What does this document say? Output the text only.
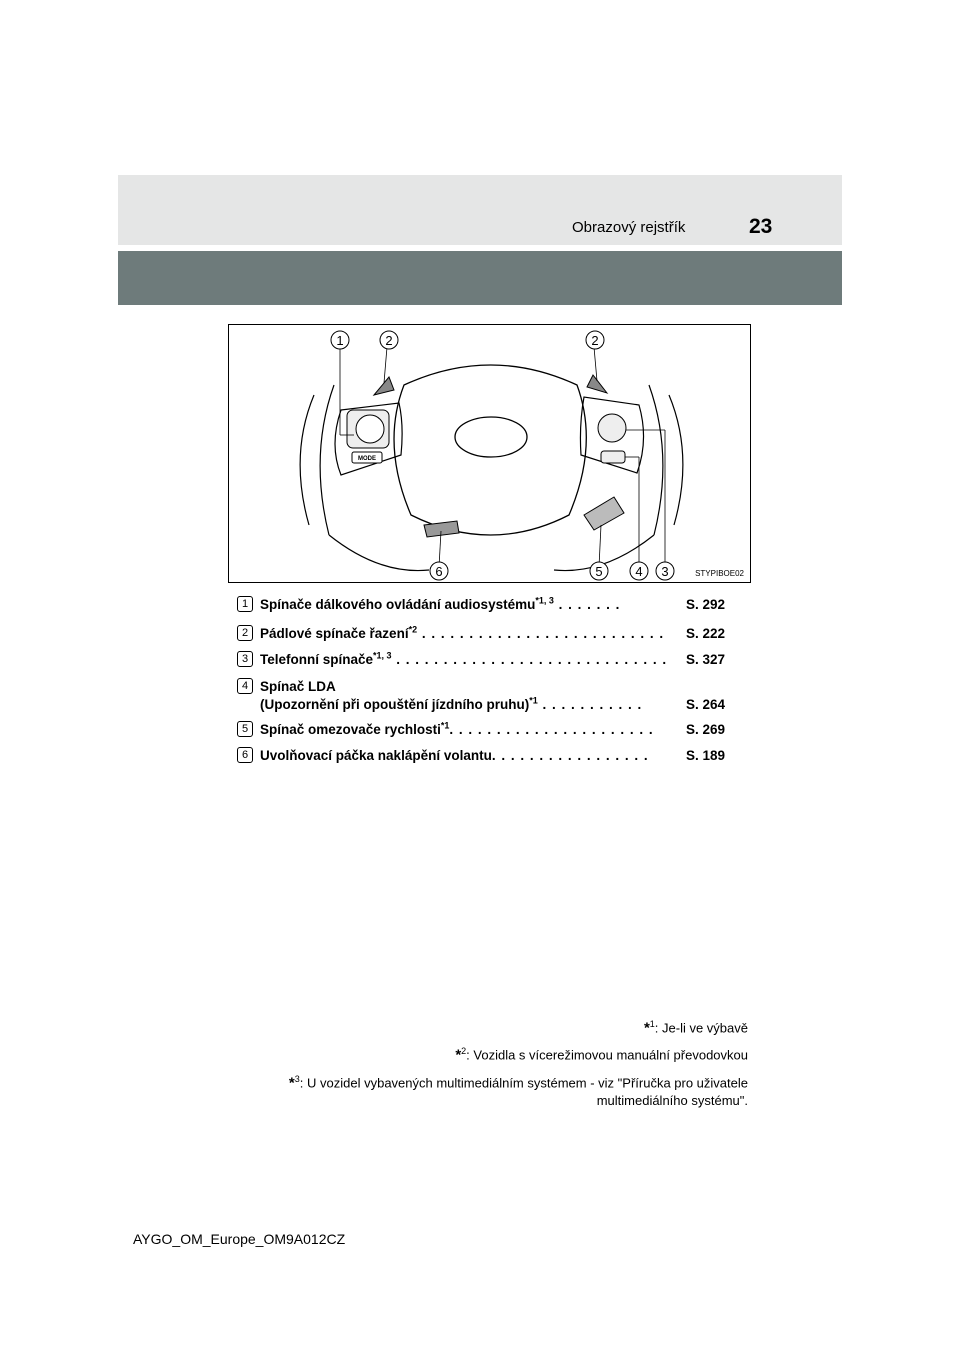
Obrazový rejstřík	23
MODE
1	2	2
6	5	4 3	STYPIBOE02
1 Spínače dálkového ovládání audiosystému$^{*1, 3}$ . . . . . . .	S. 292
2 Pádlové spínače řazení$^{*2}$ . . . . . . . . . . . . . . . . . . . . . . . . . . S. 222
3 Telefonní spínače$^{*1, 3}$ . . . . . . . . . . . . . . . . . . . . . . . . . . . . . S. 327
4 Spínač LDA
(Upozornění při opouštění jízdního pruhu)$^{*1}$ . . . . . . . . . . .	S. 264
5 Spínač omezovače rychlosti$^{*1}$. . . . . . . . . . . . . . . . . . . . . . S. 269
6 Uvolňovací páčka naklápění volantu. . . . . . . . . . . . . . . . .	S. 189
*$^1$: Je-li ve výbavě
*$^2$: Vozidla s vícerežimovou manuální převodovkou
*$^3$: U vozidel vybavených multimediálním systémem - viz "Příručka pro uživatele
multimediálního systému".
AYGO_OM_Europe_OM9A012CZ
